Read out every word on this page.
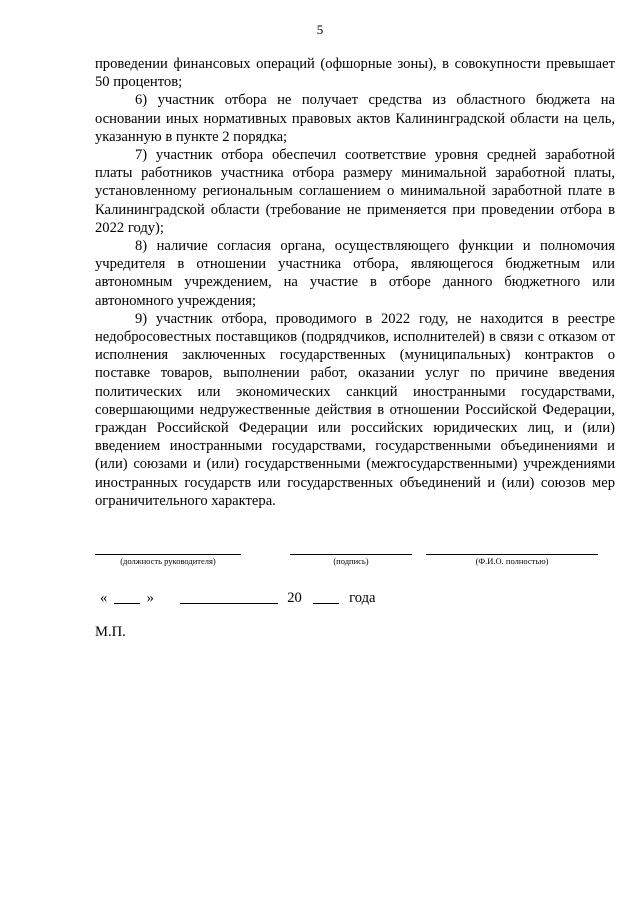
5

проведении финансовых операций (офшорные зоны), в совокупности превышает 50 процентов;

6) участник отбора не получает средства из областного бюджета на основании иных нормативных правовых актов Калининградской области на цель, указанную в пункте 2 порядка;

7) участник отбора обеспечил соответствие уровня средней заработной платы работников участника отбора размеру минимальной заработной платы, установленному региональным соглашением о минимальной заработной плате в Калининградской области (требование не применяется при проведении отбора в 2022 году);

8) наличие согласия органа, осуществляющего функции и полномочия учредителя в отношении участника отбора, являющегося бюджетным или автономным учреждением, на участие в отборе данного бюджетного или автономного учреждения;

9) участник отбора, проводимого в 2022 году, не находится в реестре недобросовестных поставщиков (подрядчиков, исполнителей) в связи с отказом от исполнения заключенных государственных (муниципальных) контрактов о поставке товаров, выполнении работ, оказании услуг по причине введения политических или экономических санкций иностранными государствами, совершающими недружественные действия в отношении Российской Федерации, граждан Российской Федерации или российских юридических лиц, и (или) введением иностранными государствами, государственными объединениями и (или) союзами и (или) государственными (межгосударственными) учреждениями иностранных государств или государственных объединений и (или) союзов мер ограничительного характера.

(должность руководителя)	(подпись)	(Ф.И.О. полностью)
«	»	20	года
М.П.
